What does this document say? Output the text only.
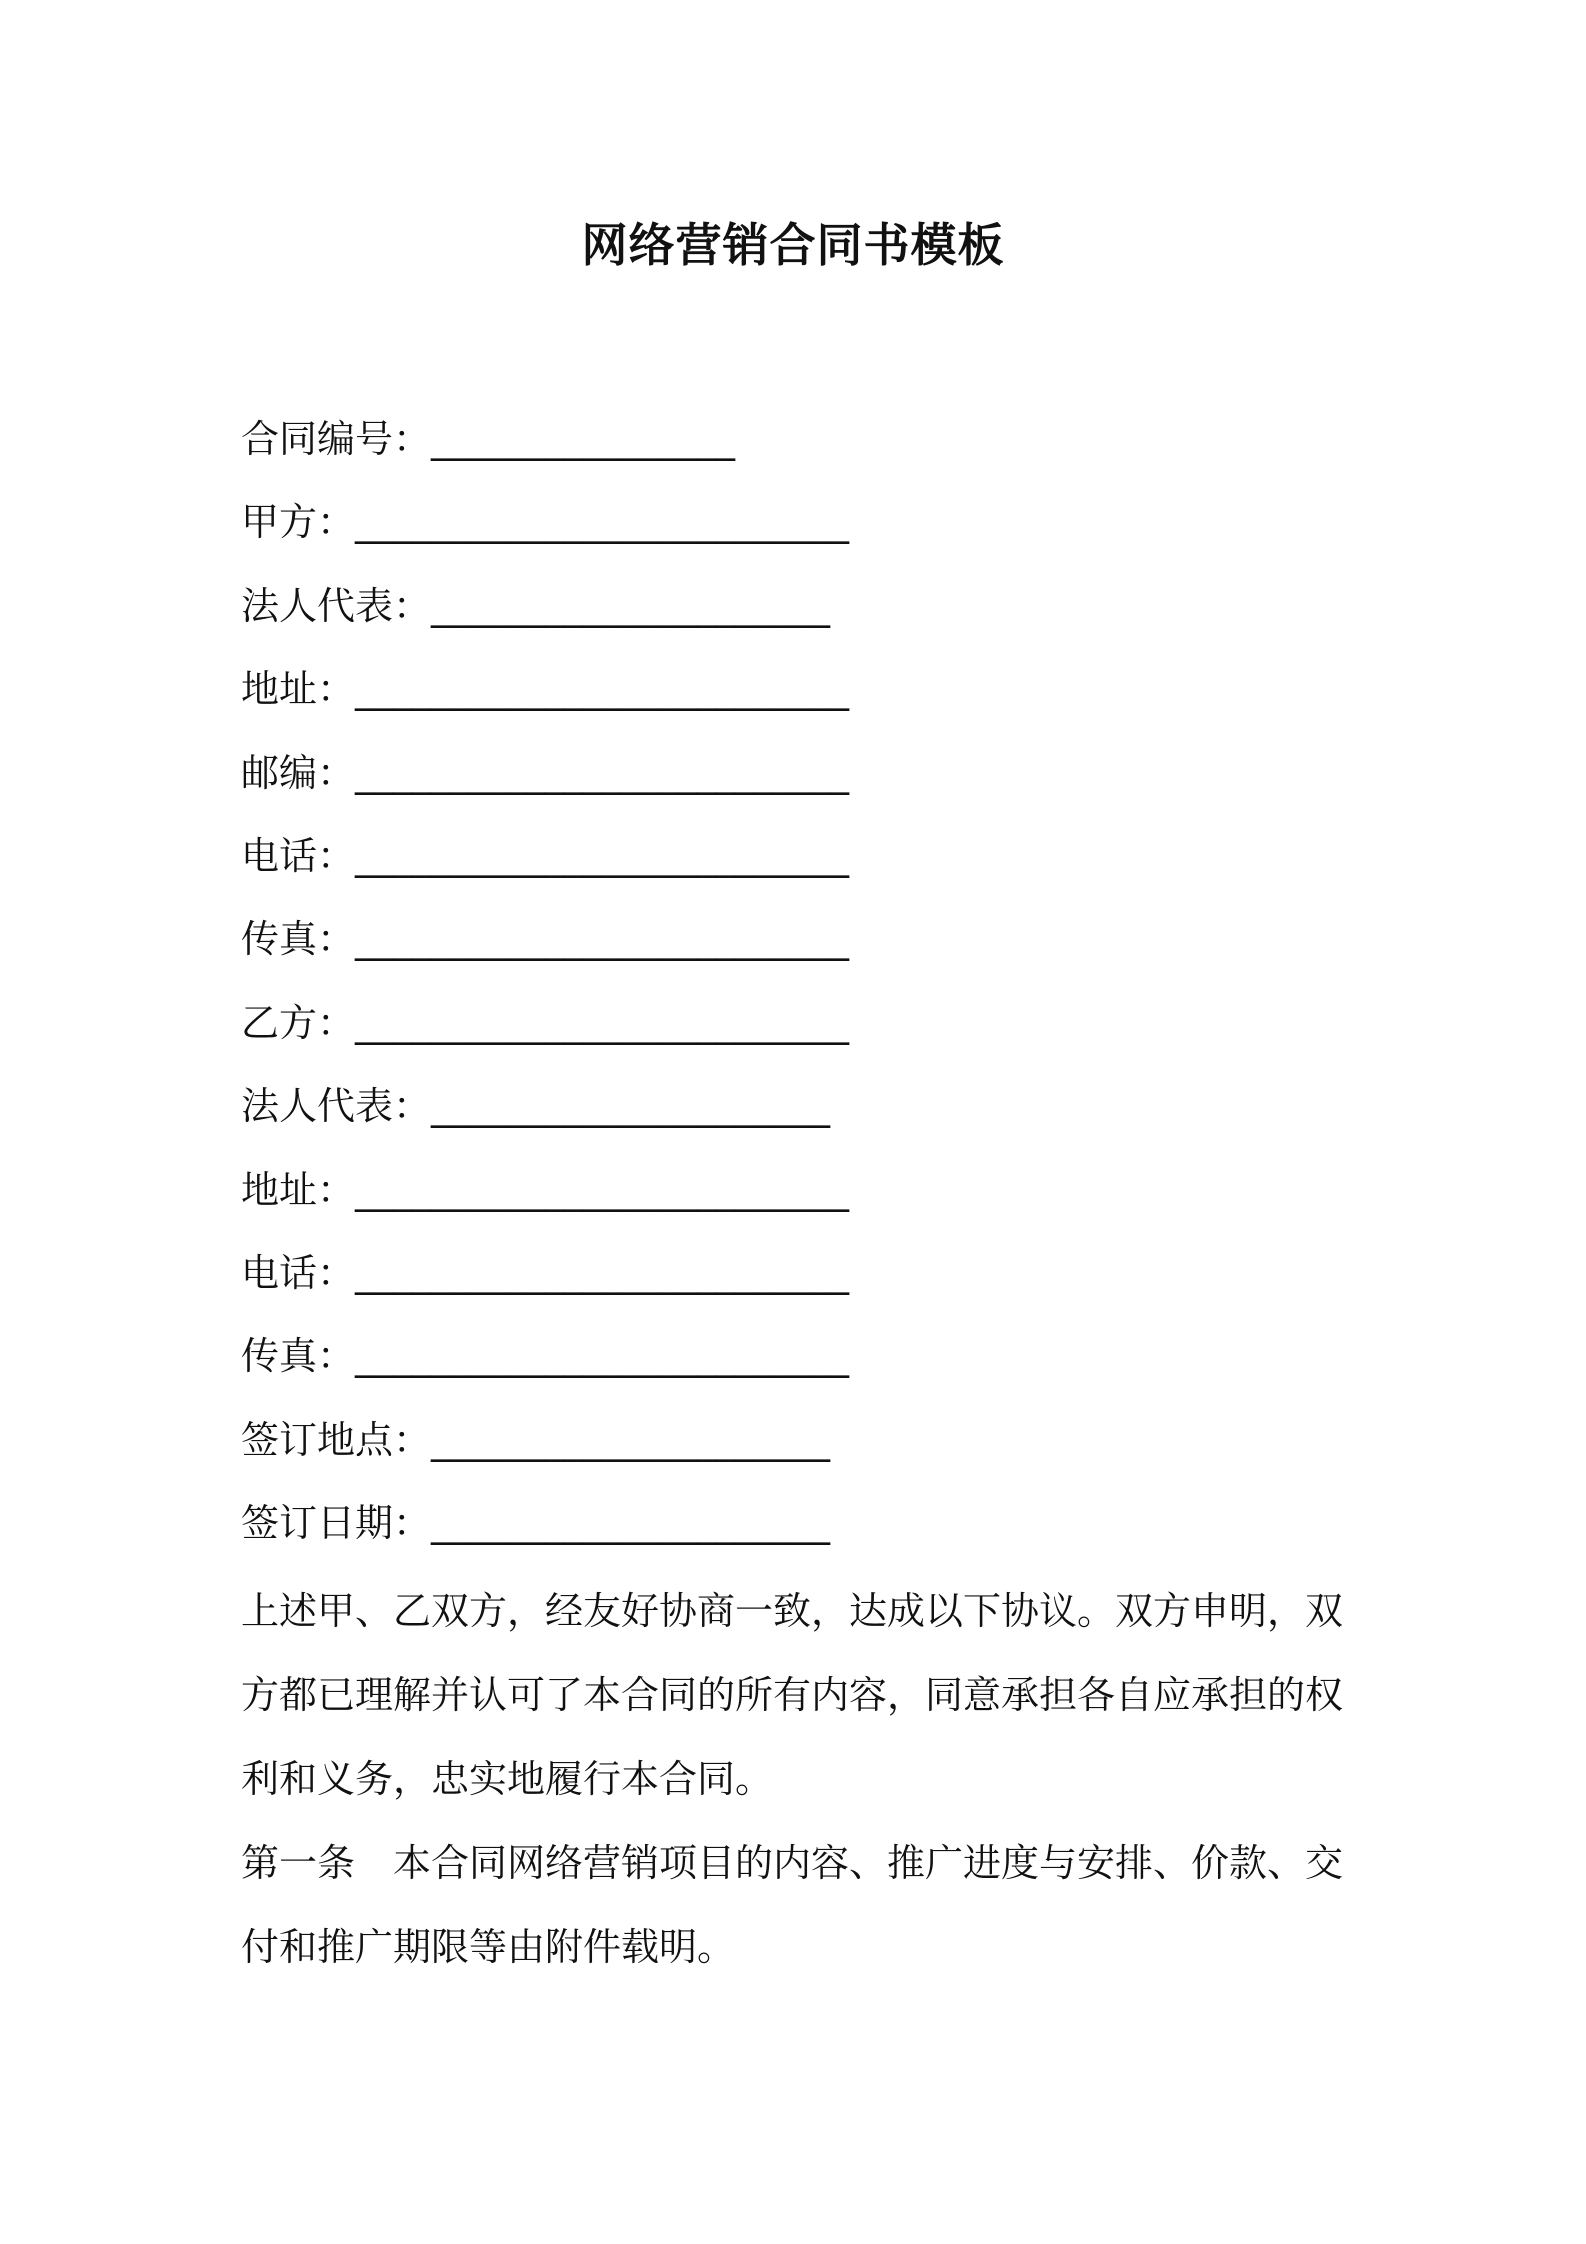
网络营销合同书模板
合同编号：________________
甲方：__________________________
法人代表：_____________________
地址：__________________________
邮编：__________________________
电话：__________________________
传真：__________________________
乙方：__________________________
法人代表：_____________________
地址：__________________________
电话：__________________________
传真：__________________________
签订地点：_____________________
签订日期：_____________________

上述甲、乙双方，经友好协商一致，达成以下协议。双方申明，双方都已理解并认可了本合同的所有内容，同意承担各自应承担的权利和义务，忠实地履行本合同。

第一条 本合同网络营销项目的内容、推广进度与安排、价款、交付和推广期限等由附件载明。
